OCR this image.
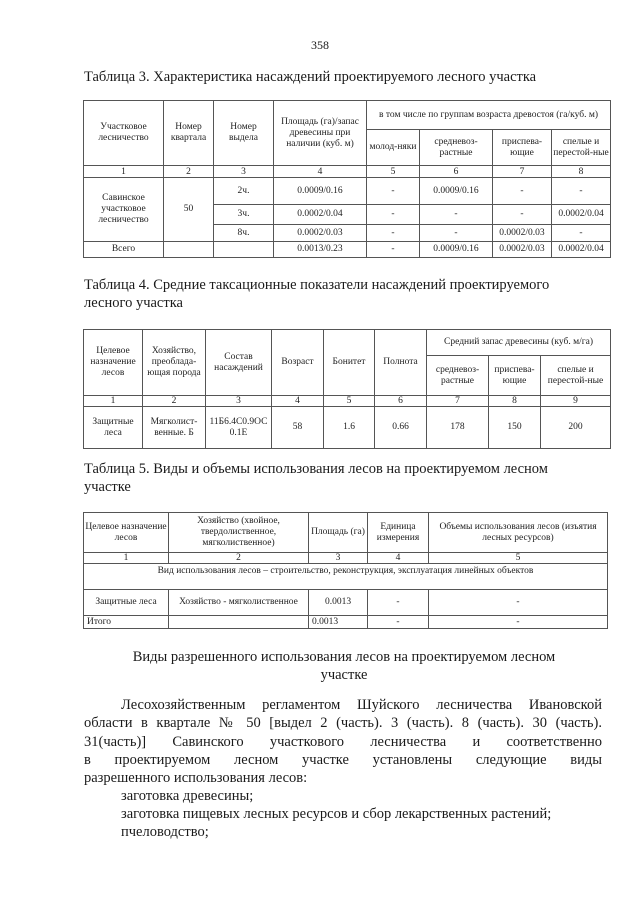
358
Таблица 3. Характеристика насаждений проектируемого лесного участка
Участковое лесничество	Номер квартала	Номер выдела	Площадь (га)/запас древесины при наличии (куб. м)	в том числе по группам возраста древостоя (га/куб. м)			
				молод-няки	средневоз-растные	приспева-ющие	спелые и перестой-ные
1	2	3	4	5	6	7	8
Савинское участковое лесничество	50	2ч.	0.0009/0.16	-	0.0009/0.16	-	-
		3ч.	0.0002/0.04	-	-	-	0.0002/0.04
		8ч.	0.0002/0.03	-	-	0.0002/0.03	-
Всего			0.0013/0.23	-	0.0009/0.16	0.0002/0.03	0.0002/0.04
Таблица 4. Средние таксационные показатели насаждений проектируемого
лесного участка
Целевое назначение лесов	Хозяйство, преоблада-ющая порода	Состав насаждений	Возраст	Бонитет	Полнота	Средний запас древесины (куб. м/га)		
						средневоз-растные	приспева-ющие	спелые и перестой-ные
1	2	3	4	5	6	7	8	9
Защитные леса	Мягколист-венные. Б	11Б6.4С0.9ОС 0.1Е	58	1.6	0.66	178	150	200
Таблица 5. Виды и объемы использования лесов на проектируемом лесном
участке
Целевое назначение лесов	Хозяйство (хвойное, твердолиственное, мягколиственное)	Площадь (га)	Единица измерения	Объемы использования лесов (изъятия лесных ресурсов)
1	2	3	4	5
Вид использования лесов – строительство, реконструкция, эксплуатация линейных объектов				
Защитные леса	Хозяйство - мягколиственное	0.0013	-	-
Итого		0.0013	-	-
Виды разрешенного использования лесов на проектируемом лесном
участке
Лесохозяйственным регламентом Шуйского лесничества Ивановской
области в квартале № 50 [выдел 2 (часть). 3 (часть). 8 (часть). 30 (часть).
31(часть)] Савинского участкового лесничества и соответственно
в проектируемом лесном участке установлены следующие виды
разрешенного использования лесов:
заготовка древесины;
заготовка пищевых лесных ресурсов и сбор лекарственных растений;
пчеловодство;
